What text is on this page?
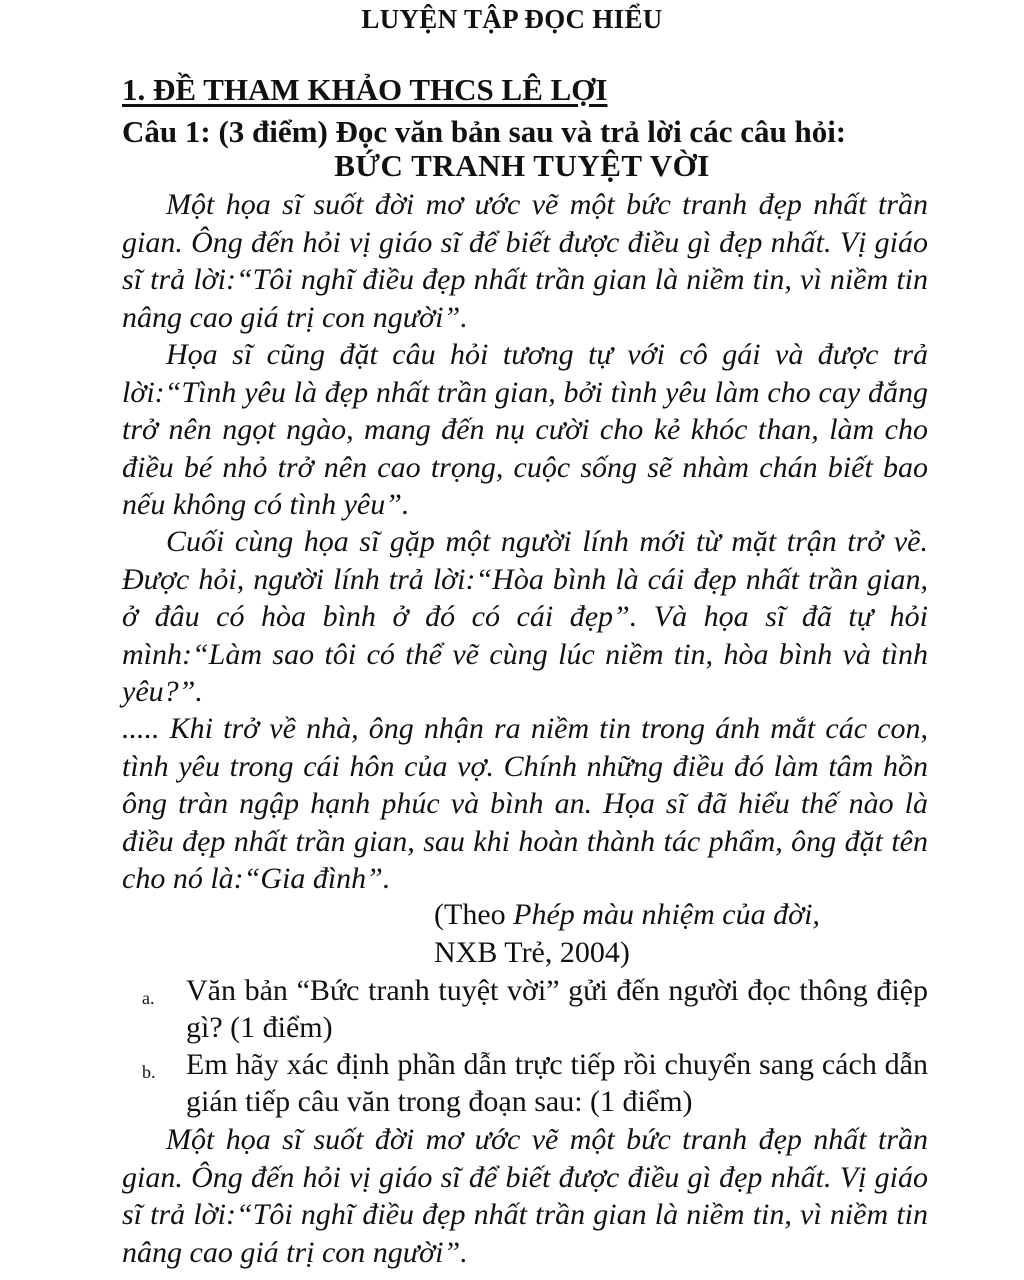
LUYỆN TẬP ĐỌC HIỂU
1. ĐỀ THAM KHẢO THCS LÊ LỢI
Câu 1: (3 điểm) Đọc văn bản sau và trả lời các câu hỏi:
BỨC TRANH TUYỆT VỜI
Một họa sĩ suốt đời mơ ước vẽ một bức tranh đẹp nhất trần gian. Ông đến hỏi vị giáo sĩ để biết được điều gì đẹp nhất. Vị giáo sĩ trả lời:“Tôi nghĩ điều đẹp nhất trần gian là niềm tin, vì niềm tin nâng cao giá trị con người”.
Họa sĩ cũng đặt câu hỏi tương tự với cô gái và được trả lời:“Tình yêu là đẹp nhất trần gian, bởi tình yêu làm cho cay đắng trở nên ngọt ngào, mang đến nụ cười cho kẻ khóc than, làm cho điều bé nhỏ trở nên cao trọng, cuộc sống sẽ nhàm chán biết bao nếu không có tình yêu”.
Cuối cùng họa sĩ gặp một người lính mới từ mặt trận trở về. Được hỏi, người lính trả lời:“Hòa bình là cái đẹp nhất trần gian, ở đâu có hòa bình ở đó có cái đẹp”. Và họa sĩ đã tự hỏi mình:“Làm sao tôi có thể vẽ cùng lúc niềm tin, hòa bình và tình yêu?”.
..... Khi trở về nhà, ông nhận ra niềm tin trong ánh mắt các con, tình yêu trong cái hôn của vợ. Chính những điều đó làm tâm hồn ông tràn ngập hạnh phúc và bình an. Họa sĩ đã hiểu thế nào là điều đẹp nhất trần gian, sau khi hoàn thành tác phẩm, ông đặt tên cho nó là:“Gia đình”.
(Theo Phép màu nhiệm của đời,
NXB Trẻ, 2004)
a. Văn bản “Bức tranh tuyệt vời” gửi đến người đọc thông điệp gì? (1 điểm)
b. Em hãy xác định phần dẫn trực tiếp rồi chuyển sang cách dẫn gián tiếp câu văn trong đoạn sau: (1 điểm)
Một họa sĩ suốt đời mơ ước vẽ một bức tranh đẹp nhất trần gian. Ông đến hỏi vị giáo sĩ để biết được điều gì đẹp nhất. Vị giáo sĩ trả lời:“Tôi nghĩ điều đẹp nhất trần gian là niềm tin, vì niềm tin nâng cao giá trị con người”.
